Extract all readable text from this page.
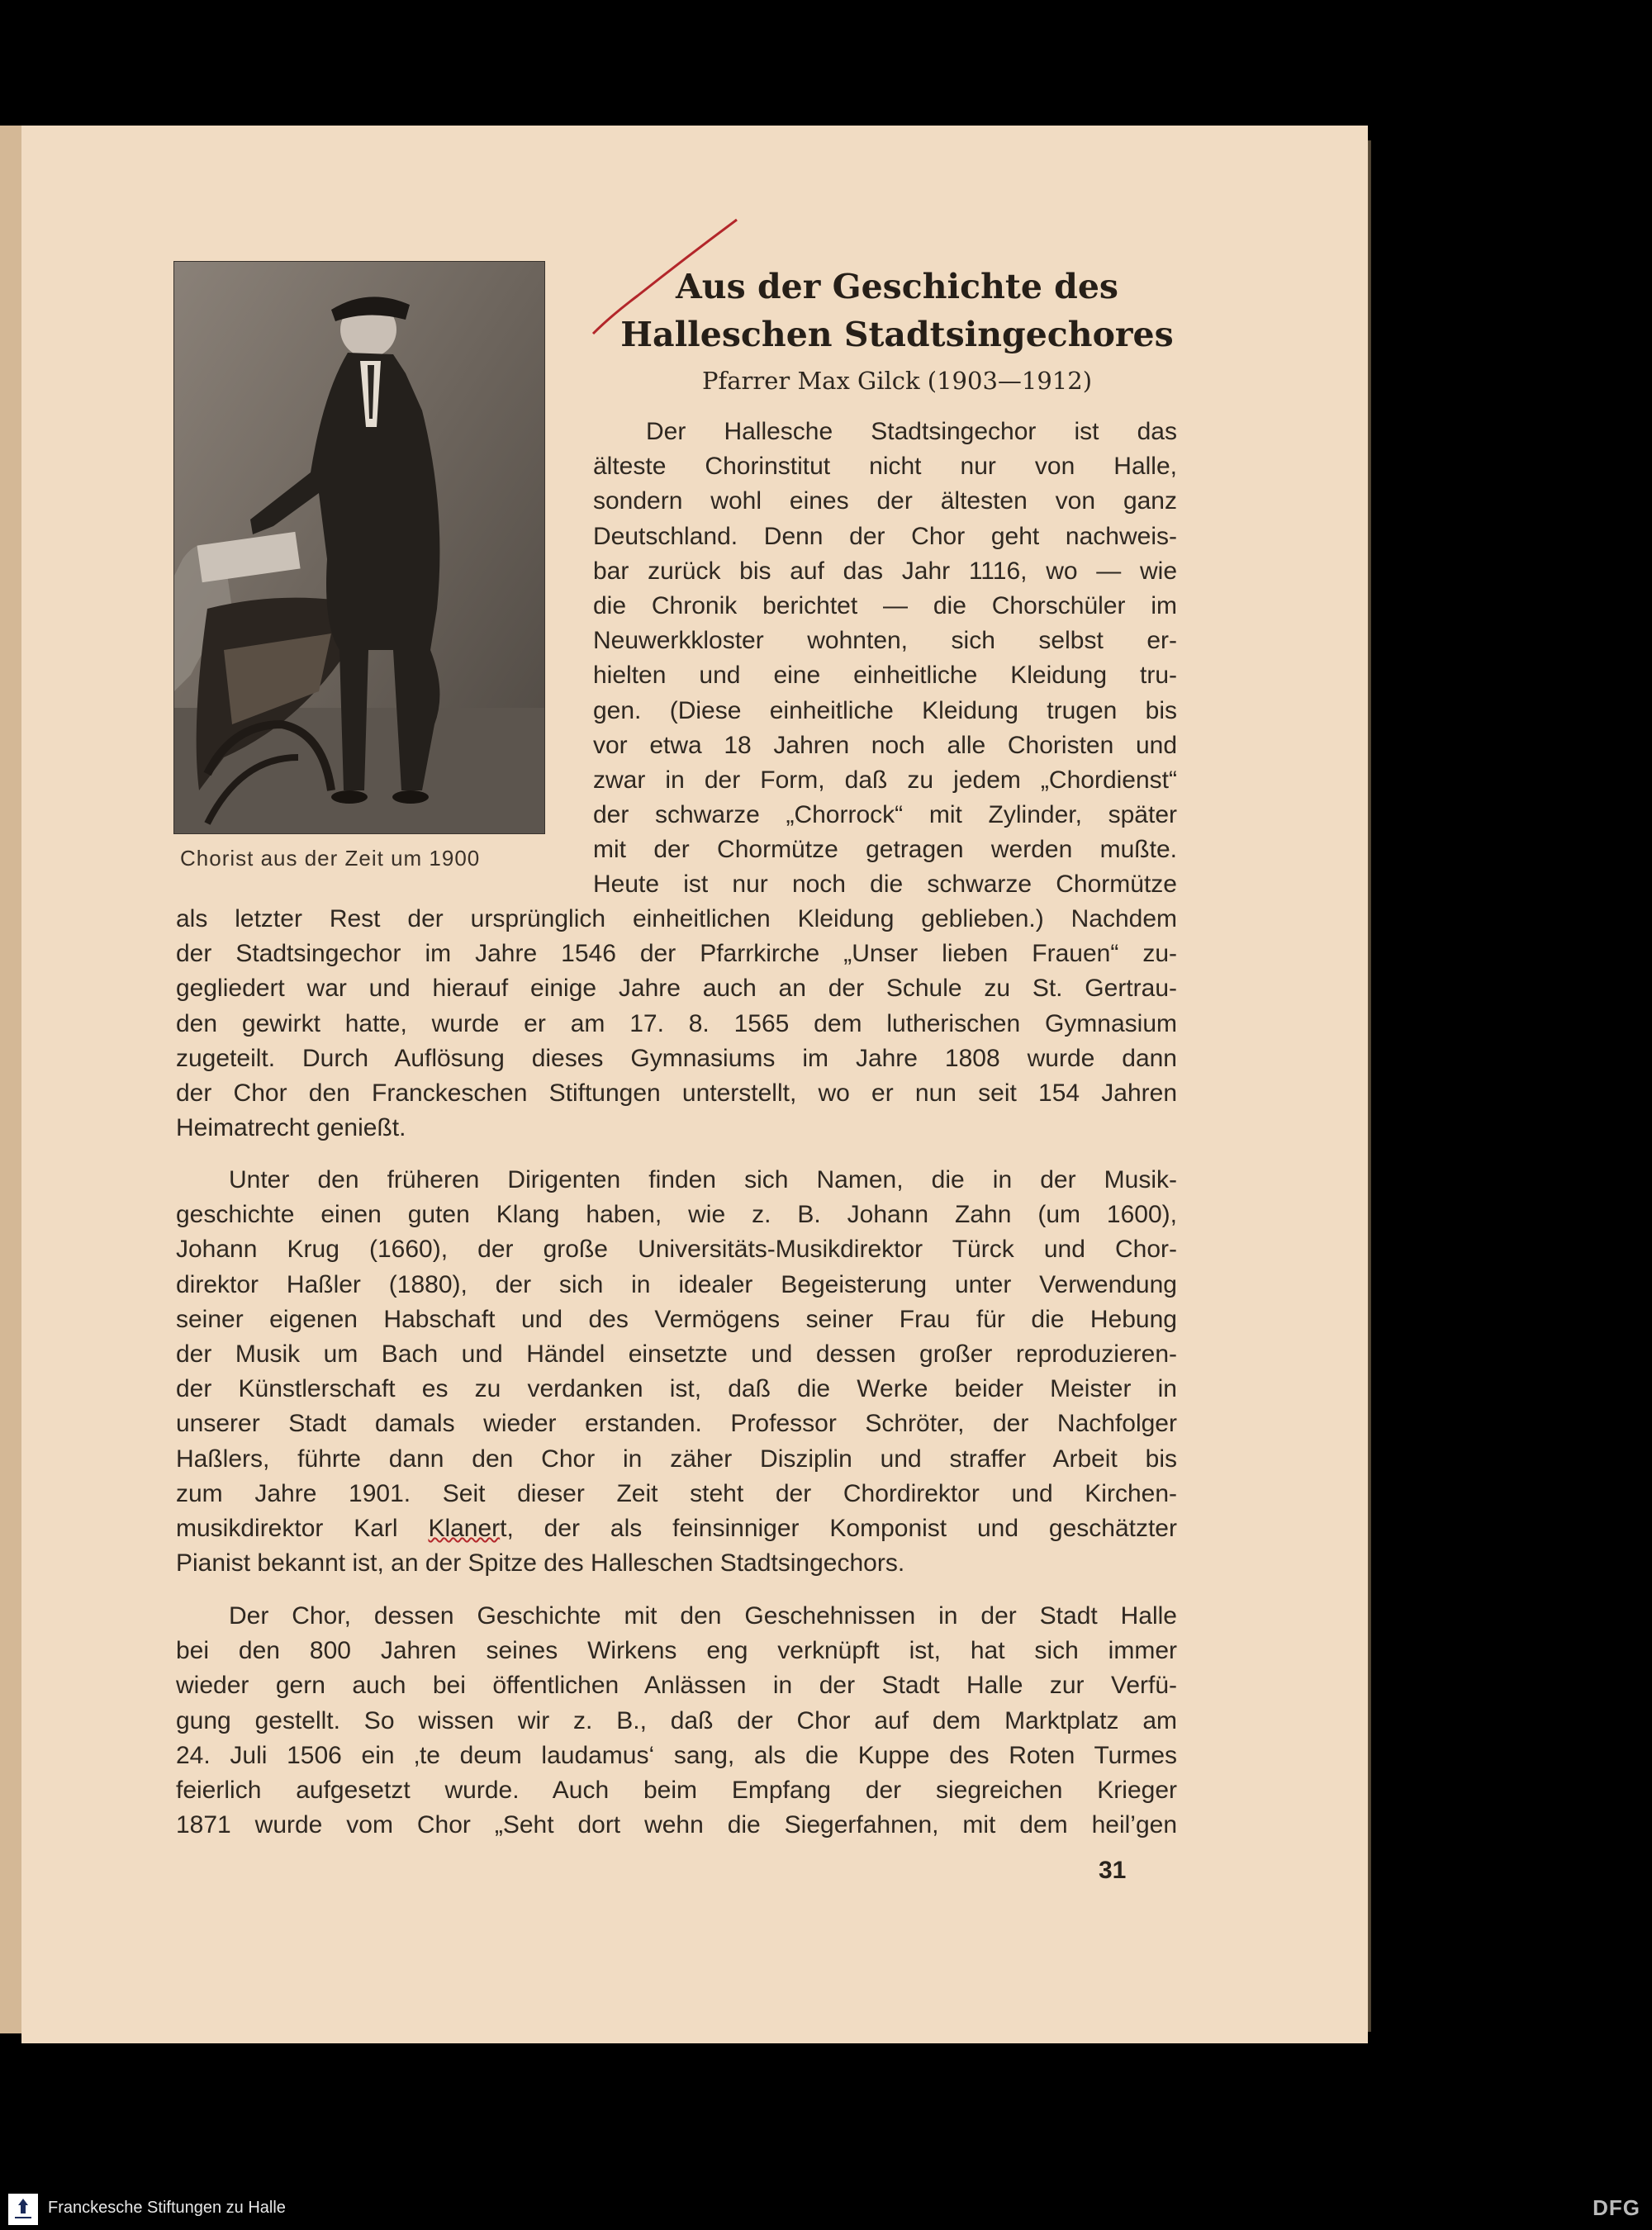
Chorist aus der Zeit um 1900
Aus der Geschichte des
Halleschen Stadtsingechores
Pfarrer Max Gilck (1903—1912)
Der Hallesche Stadtsingechor ist das
älteste Chorinstitut nicht nur von Halle,
sondern wohl eines der ältesten von ganz
Deutschland. Denn der Chor geht nachweis-
bar zurück bis auf das Jahr 1116, wo — wie
die Chronik berichtet — die Chorschüler im
Neuwerkkloster wohnten, sich selbst er-
hielten und eine einheitliche Kleidung tru-
gen. (Diese einheitliche Kleidung trugen bis
vor etwa 18 Jahren noch alle Choristen und
zwar in der Form, daß zu jedem „Chordienst“
der schwarze „Chorrock“ mit Zylinder, später
mit der Chormütze getragen werden mußte.
Heute ist nur noch die schwarze Chormütze
als letzter Rest der ursprünglich einheitlichen Kleidung geblieben.) Nachdem
der Stadtsingechor im Jahre 1546 der Pfarrkirche „Unser lieben Frauen“ zu-
gegliedert war und hierauf einige Jahre auch an der Schule zu St. Gertrau-
den gewirkt hatte, wurde er am 17. 8. 1565 dem lutherischen Gymnasium
zugeteilt. Durch Auflösung dieses Gymnasiums im Jahre 1808 wurde dann
der Chor den Franckeschen Stiftungen unterstellt, wo er nun seit 154 Jahren
Heimatrecht genießt.
Unter den früheren Dirigenten finden sich Namen, die in der Musik-
geschichte einen guten Klang haben, wie z. B. Johann Zahn (um 1600),
Johann Krug (1660), der große Universitäts-Musikdirektor Türck und Chor-
direktor Haßler (1880), der sich in idealer Begeisterung unter Verwendung
seiner eigenen Habschaft und des Vermögens seiner Frau für die Hebung
der Musik um Bach und Händel einsetzte und dessen großer reproduzieren-
der Künstlerschaft es zu verdanken ist, daß die Werke beider Meister in
unserer Stadt damals wieder erstanden. Professor Schröter, der Nachfolger
Haßlers, führte dann den Chor in zäher Disziplin und straffer Arbeit bis
zum Jahre 1901. Seit dieser Zeit steht der Chordirektor und Kirchen-
musikdirektor Karl Klanert, der als feinsinniger Komponist und geschätzter
Pianist bekannt ist, an der Spitze des Halleschen Stadtsingechors.
Der Chor, dessen Geschichte mit den Geschehnissen in der Stadt Halle
bei den 800 Jahren seines Wirkens eng verknüpft ist, hat sich immer
wieder gern auch bei öffentlichen Anlässen in der Stadt Halle zur Verfü-
gung gestellt. So wissen wir z. B., daß der Chor auf dem Marktplatz am
24. Juli 1506 ein ‚te deum laudamus‘ sang, als die Kuppe des Roten Turmes
feierlich aufgesetzt wurde. Auch beim Empfang der siegreichen Krieger
1871 wurde vom Chor „Seht dort wehn die Siegerfahnen, mit dem heil’gen
31
Franckesche Stiftungen zu Halle	DFG
